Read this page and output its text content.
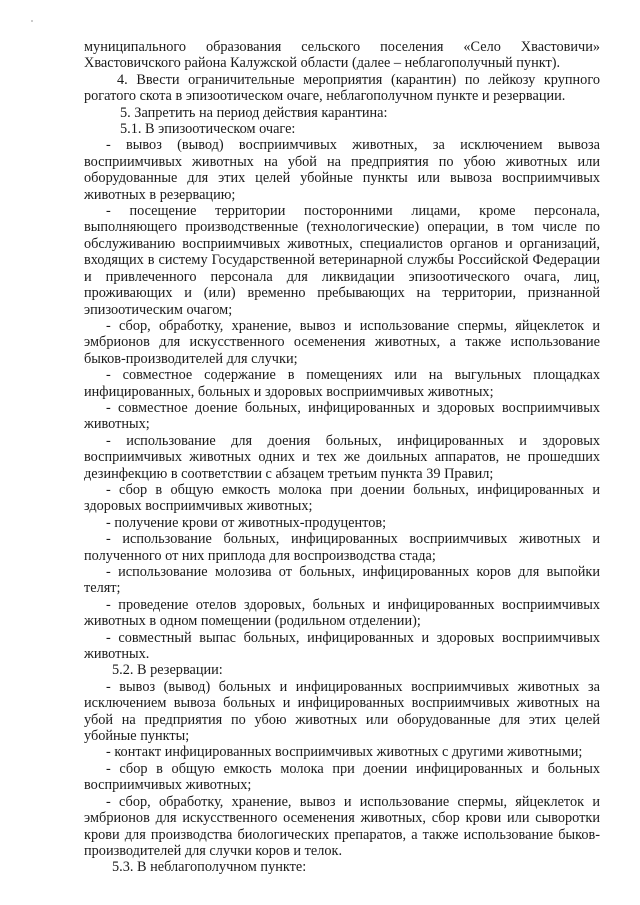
муниципального образования сельского поселения «Село Хвастовичи» Хвастовичского района Калужской области (далее – неблагополучный пункт).

4. Ввести ограничительные мероприятия (карантин) по лейкозу крупного рогатого скота в эпизоотическом очаге, неблагополучном пункте и резервации.

5. Запретить на период действия карантина:

5.1. В эпизоотическом очаге:

- вывоз (вывод) восприимчивых животных, за исключением вывоза восприимчивых животных на убой на предприятия по убою животных или оборудованные для этих целей убойные пункты или вывоза восприимчивых животных в резервацию;

- посещение территории посторонними лицами, кроме персонала, выполняющего производственные (технологические) операции, в том числе по обслуживанию восприимчивых животных, специалистов органов и организаций, входящих в систему Государственной ветеринарной службы Российской Федерации и привлеченного персонала для ликвидации эпизоотического очага, лиц, проживающих и (или) временно пребывающих на территории, признанной эпизоотическим очагом;

- сбор, обработку, хранение, вывоз и использование спермы, яйцеклеток и эмбрионов для искусственного осеменения животных, а также использование быков-производителей для случки;

- совместное содержание в помещениях или на выгульных площадках инфицированных, больных и здоровых восприимчивых животных;

- совместное доение больных, инфицированных и здоровых восприимчивых животных;

- использование для доения больных, инфицированных и здоровых восприимчивых животных одних и тех же доильных аппаратов, не прошедших дезинфекцию в соответствии с абзацем третьим пункта 39 Правил;

- сбор в общую емкость молока при доении больных, инфицированных и здоровых восприимчивых животных;

- получение крови от животных-продуцентов;

- использование больных, инфицированных восприимчивых животных и полученного от них приплода для воспроизводства стада;

- использование молозива от больных, инфицированных коров для выпойки телят;

- проведение отелов здоровых, больных и инфицированных восприимчивых животных в одном помещении (родильном отделении);

- совместный выпас больных, инфицированных и здоровых восприимчивых животных.

5.2. В резервации:

- вывоз (вывод) больных и инфицированных восприимчивых животных за исключением вывоза больных и инфицированных восприимчивых животных на убой на предприятия по убою животных или оборудованные для этих целей убойные пункты;

- контакт инфицированных восприимчивых животных с другими животными;

- сбор в общую емкость молока при доении инфицированных и больных восприимчивых животных;

- сбор, обработку, хранение, вывоз и использование спермы, яйцеклеток и эмбрионов для искусственного осеменения животных, сбор крови или сыворотки крови для производства биологических препаратов, а также использование быков-производителей для случки коров и телок.

5.3. В неблагополучном пункте:
